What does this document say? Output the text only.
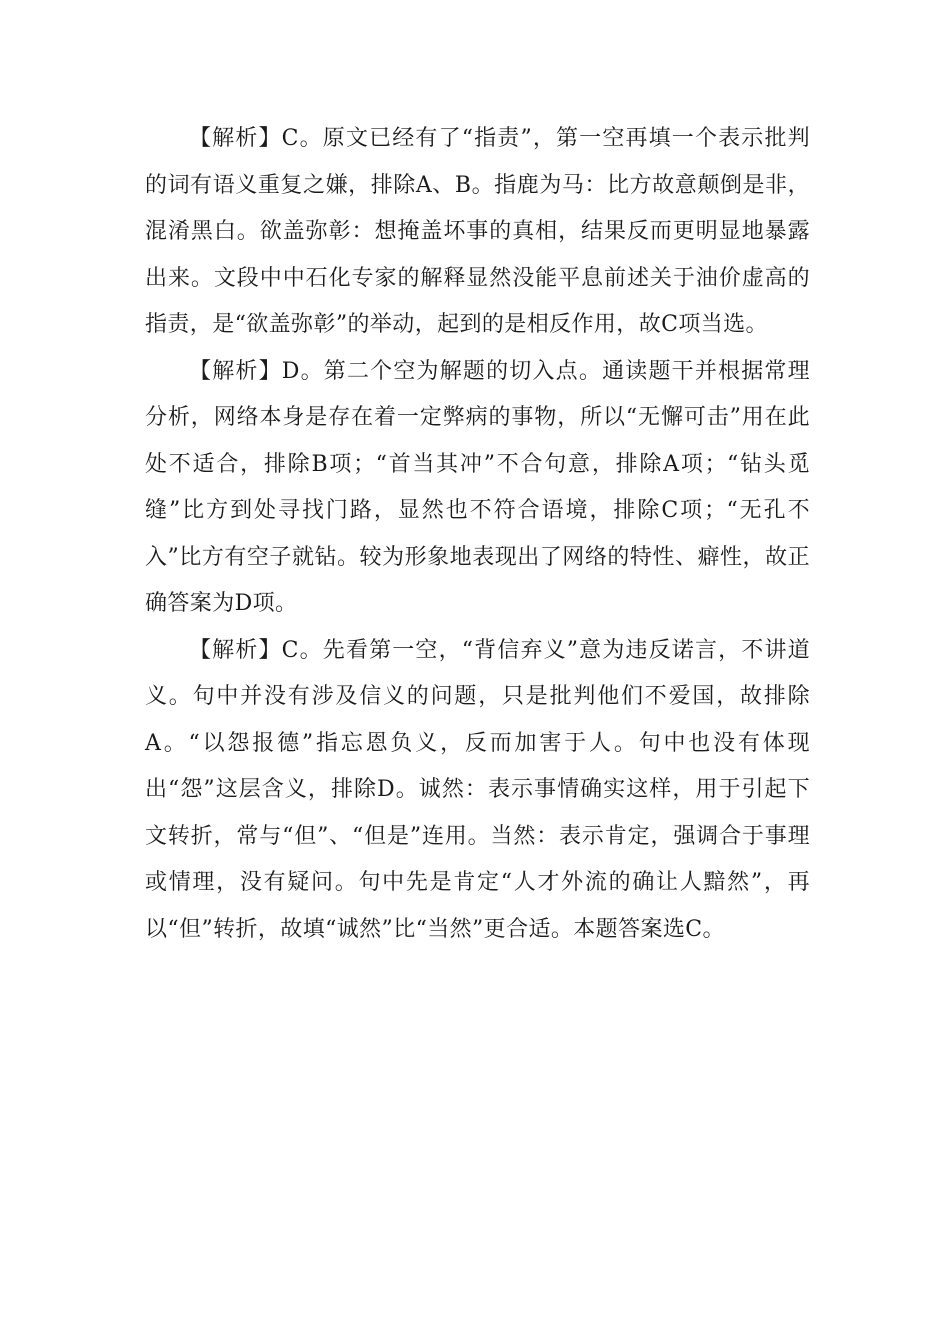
【解析】C。原文已经有了“指责”，第一空再填一个表示批判的词有语义重复之嫌，排除A、B。指鹿为马：比方故意颠倒是非，混淆黑白。欲盖弥彰：想掩盖坏事的真相，结果反而更明显地暴露出来。文段中中石化专家的解释显然没能平息前述关于油价虚高的指责，是“欲盖弥彰”的举动，起到的是相反作用，故C项当选。

【解析】D。第二个空为解题的切入点。通读题干并根据常理分析，网络本身是存在着一定弊病的事物，所以“无懈可击”用在此处不适合，排除B项；“首当其冲”不合句意，排除A项；“钻头觅缝”比方到处寻找门路，显然也不符合语境，排除C项；“无孔不入”比方有空子就钻。较为形象地表现出了网络的特性、癖性，故正确答案为D项。

【解析】C。先看第一空，“背信弃义”意为违反诺言，不讲道义。句中并没有涉及信义的问题，只是批判他们不爱国，故排除A。“以怨报德”指忘恩负义，反而加害于人。句中也没有体现出“怨”这层含义，排除D。诚然：表示事情确实这样，用于引起下文转折，常与“但”、“但是”连用。当然：表示肯定，强调合于事理或情理，没有疑问。句中先是肯定“人才外流的确让人黯然”，再以“但”转折，故填“诚然”比“当然”更合适。本题答案选C。
